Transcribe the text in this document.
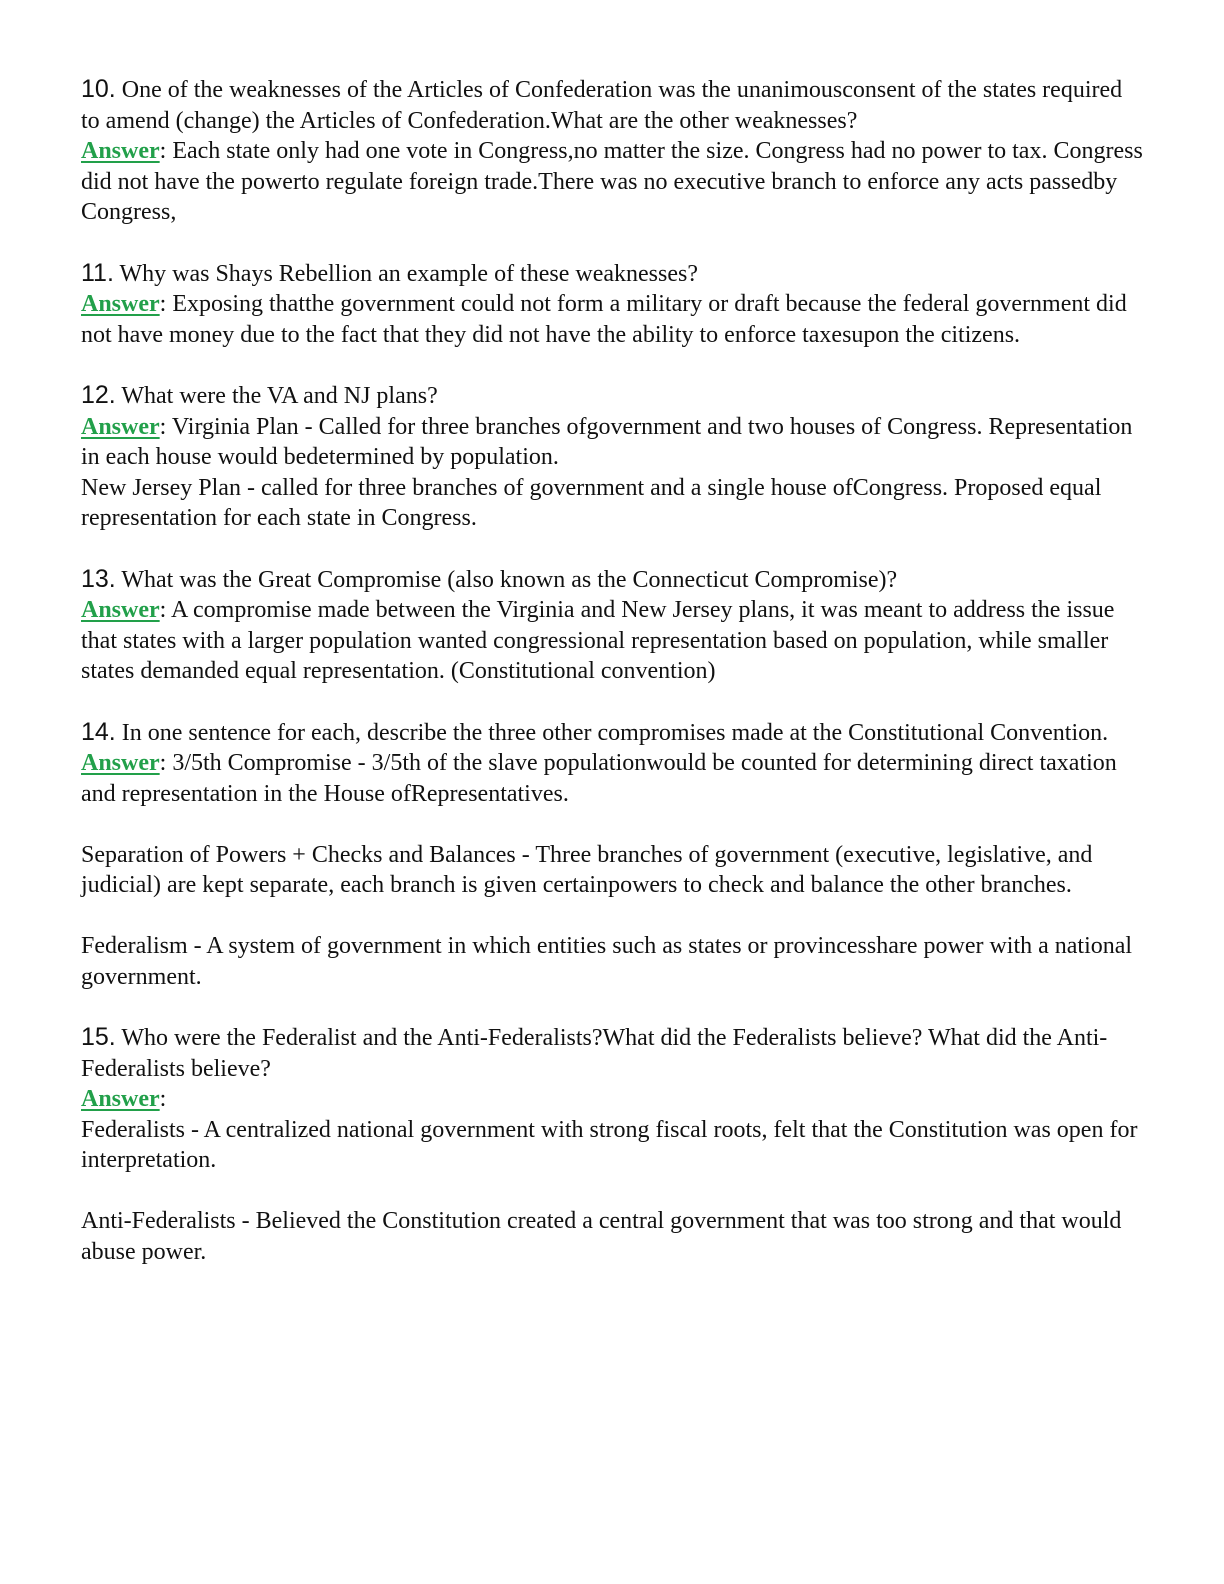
10. One of the weaknesses of the Articles of Confederation was the unanimousconsent of the states required to amend (change) the Articles of Confederation.What are the other weaknesses?

Answer: Each state only had one vote in Congress,no matter the size. Congress had no power to tax. Congress did not have the powerto regulate foreign trade.There was no executive branch to enforce any acts passedby Congress,

11. Why was Shays Rebellion an example of these weaknesses?

Answer: Exposing thatthe government could not form a military or draft because the federal government did not have money due to the fact that they did not have the ability to enforce taxesupon the citizens.

12. What were the VA and NJ plans?

Answer: Virginia Plan - Called for three branches ofgovernment and two houses of Congress. Representation in each house would bedetermined by population.

New Jersey Plan - called for three branches of government and a single house ofCongress. Proposed equal representation for each state in Congress.

13. What was the Great Compromise (also known as the Connecticut Compromise)?

Answer: A compromise made between the Virginia and New Jersey plans, it was meant to address the issue that states with a larger population wanted congressional representation based on population, while smaller states demanded equal representation. (Constitutional convention)

14. In one sentence for each, describe the three other compromises made at the Constitutional Convention.

Answer: 3/5th Compromise - 3/5th of the slave populationwould be counted for determining direct taxation and representation in the House ofRepresentatives.

Separation of Powers + Checks and Balances - Three branches of government (executive, legislative, and judicial) are kept separate, each branch is given certainpowers to check and balance the other branches.

Federalism - A system of government in which entities such as states or provincesshare power with a national government.

15. Who were the Federalist and the Anti-Federalists?What did the Federalists believe? What did the Anti-Federalists believe?

Answer:

Federalists - A centralized national government with strong fiscal roots, felt that the Constitution was open for interpretation.

Anti-Federalists - Believed the Constitution created a central government that was too strong and that would abuse power.
